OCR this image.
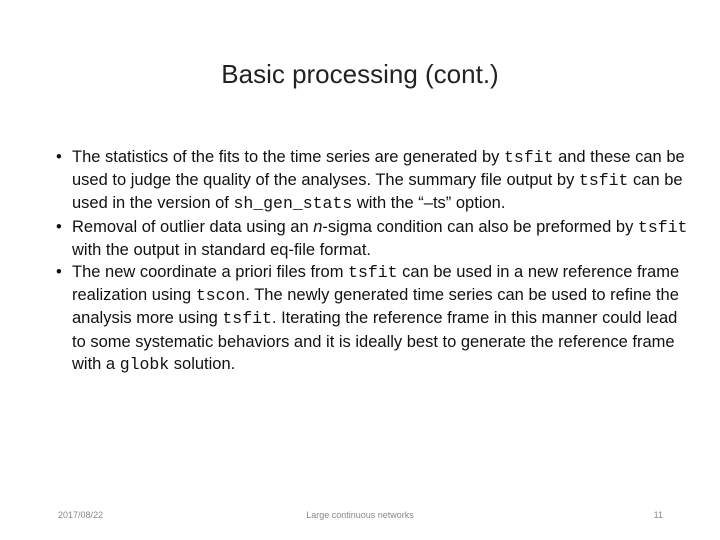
Basic processing (cont.)
• The statistics of the fits to the time series are generated by tsfit and these can be used to judge the quality of the analyses. The summary file output by tsfit can be used in the version of sh_gen_stats with the “–ts” option.
• Removal of outlier data using an n-sigma condition can also be preformed by tsfit with the output in standard eq-file format.
• The new coordinate a priori files from tsfit can be used in a new reference frame realization using tscon. The newly generated time series can be used to refine the analysis more using tsfit. Iterating the reference frame in this manner could lead to some systematic behaviors and it is ideally best to generate the reference frame with a globk solution.
2017/08/22	Large continuous networks	11
